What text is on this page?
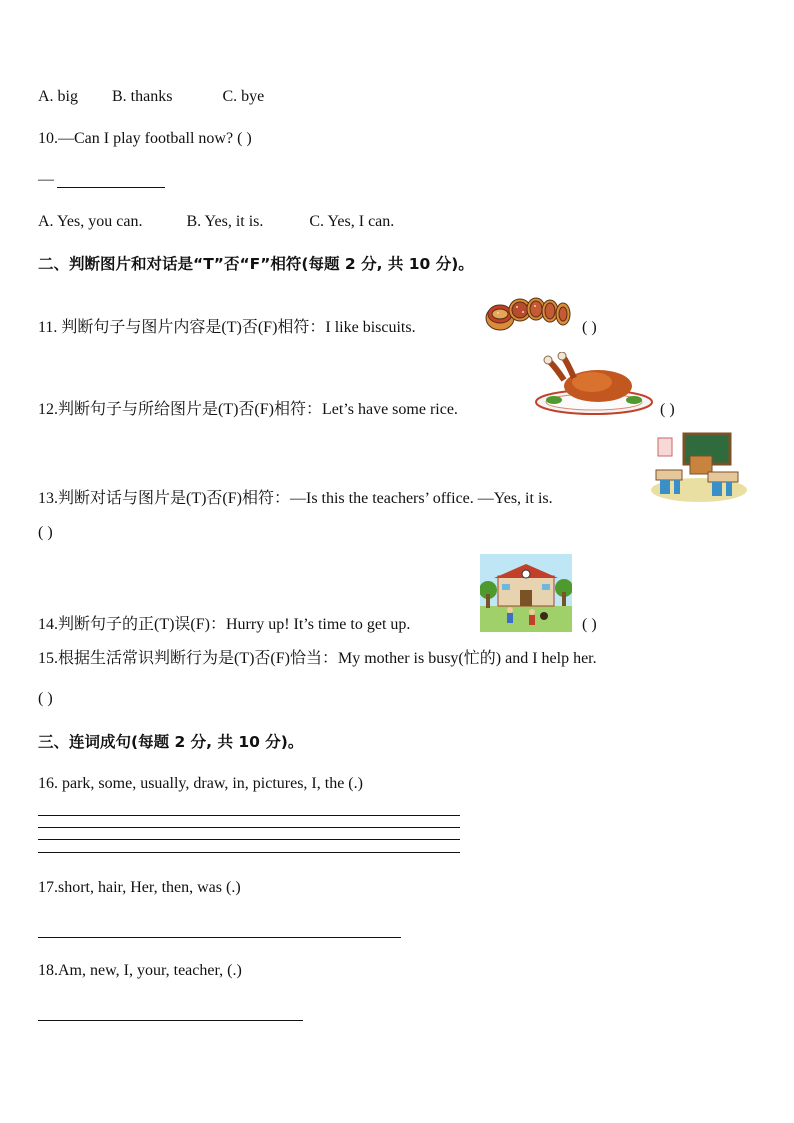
A. big B. thanks	C. bye
10.—Can I play football now? ( )
—
A. Yes, you can.	B. Yes, it is.	C. Yes, I can.
二、判断图片和对话是“T”否“F”相符(每题 2 分, 共 10 分)。
11. 判断句子与图片内容是(T)否(F)相符：I like biscuits.	( )
12.判断句子与所给图片是(T)否(F)相符：Let’s have some rice.	( )
13.判断对话与图片是(T)否(F)相符：—Is this the teachers’ office. —Yes, it is.
( )
14.判断句子的正(T)误(F)：Hurry up! It’s time to get up.	( )
15.根据生活常识判断行为是(T)否(F)恰当：My mother is busy(忙的) and I help her.
( )
三、连词成句(每题 2 分, 共 10 分)。
16. park, some, usually, draw, in, pictures, I, the (.)
17.short, hair, Her, then, was (.)
18.Am, new, I, your, teacher, (.)
